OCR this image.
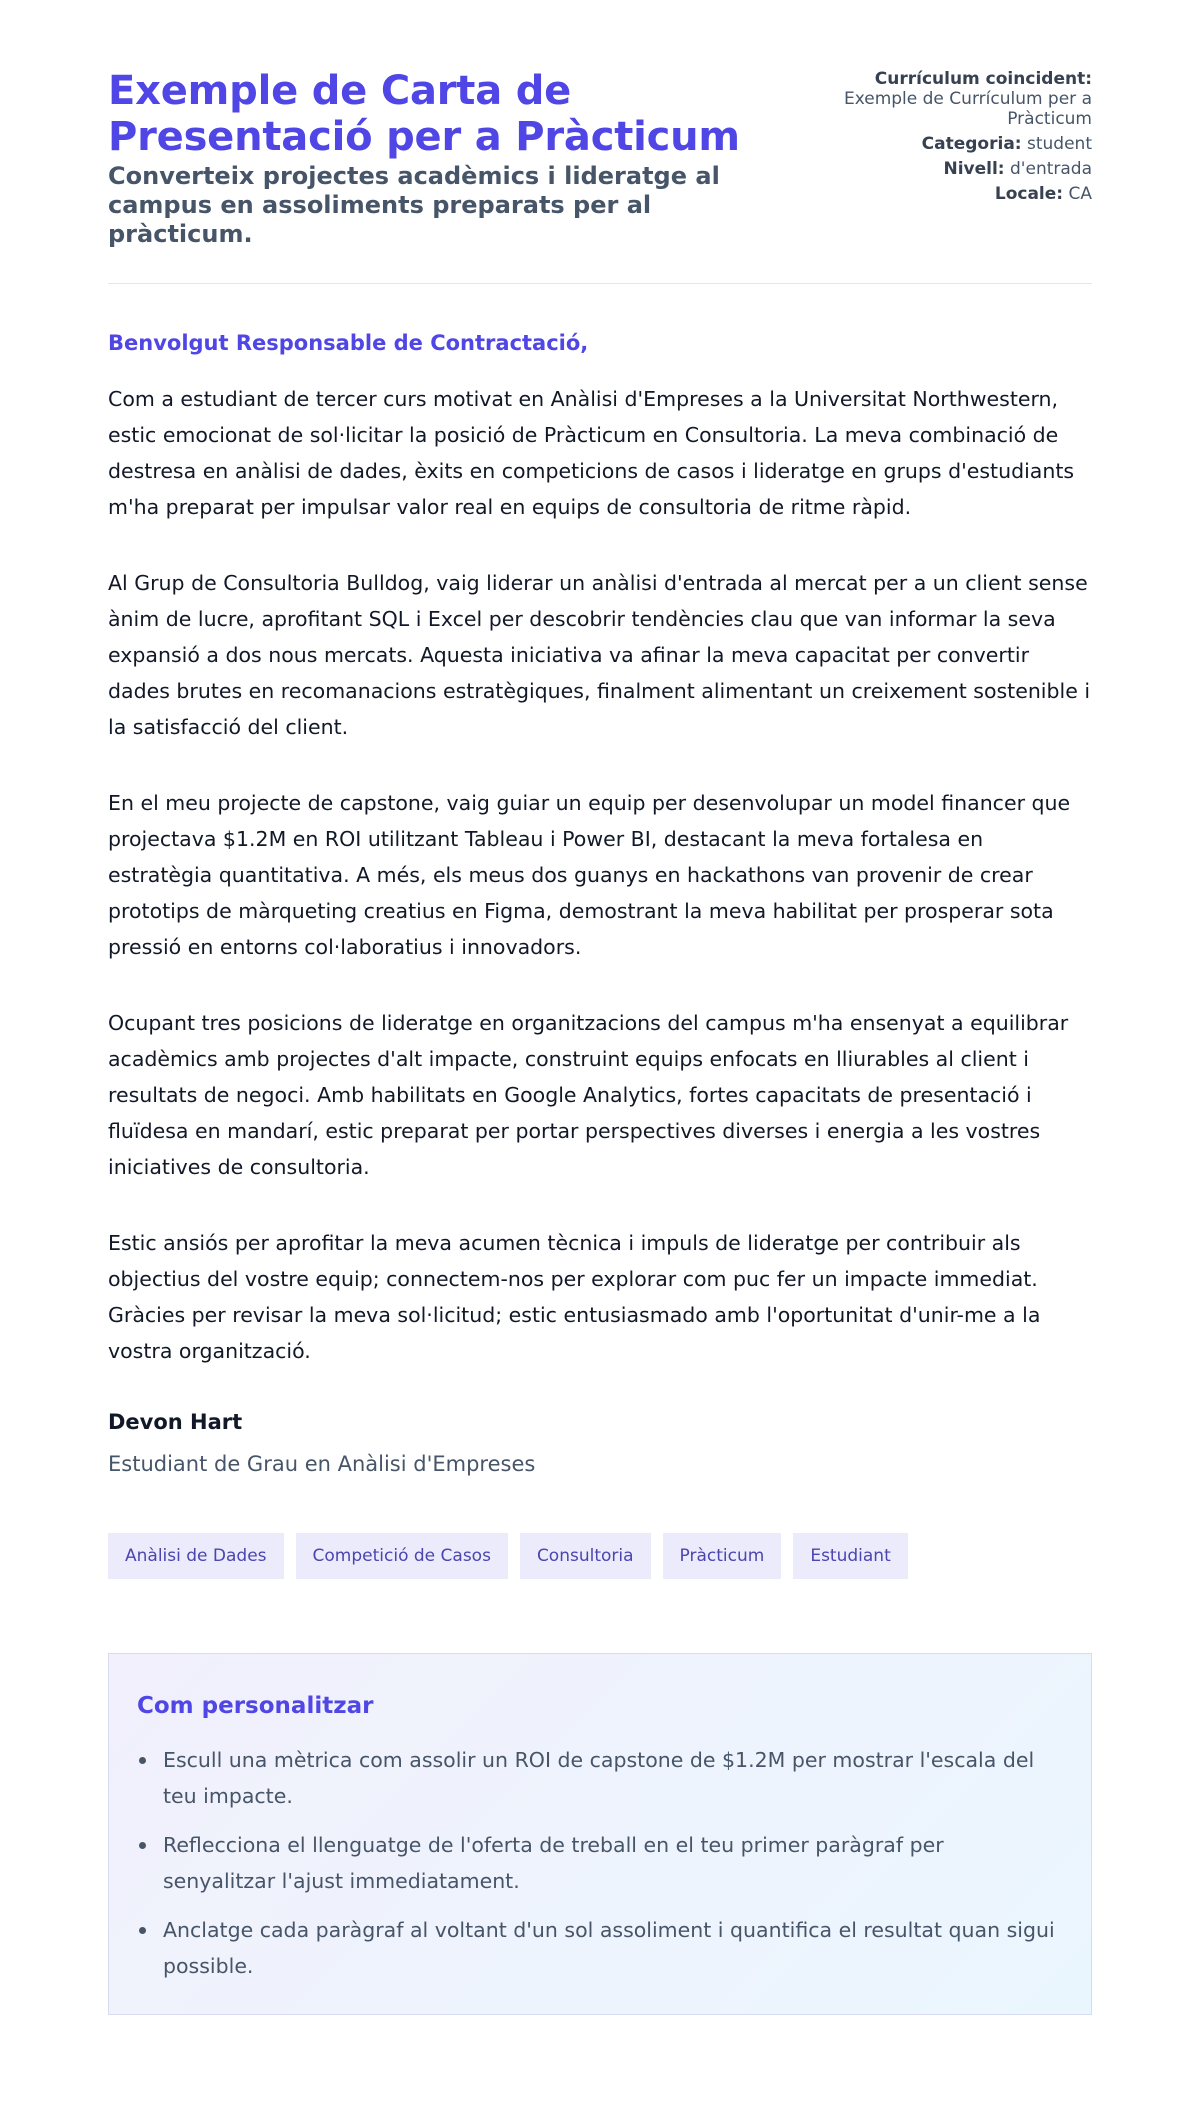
Exemple de Carta de Presentació per a Pràcticum
Converteix projectes acadèmics i lideratge al campus en assoliments preparats per al pràcticum.
Currículum coincident:
Exemple de Currículum per a Pràcticum
Categoria: student
Nivell: d'entrada
Locale: CA

Benvolgut Responsable de Contractació,

Com a estudiant de tercer curs motivat en Anàlisi d'Empreses a la Universitat Northwestern, estic emocionat de sol·licitar la posició de Pràcticum en Consultoria. La meva combinació de destresa en anàlisi de dades, èxits en competicions de casos i lideratge en grups d'estudiants m'ha preparat per impulsar valor real en equips de consultoria de ritme ràpid.

Al Grup de Consultoria Bulldog, vaig liderar un anàlisi d'entrada al mercat per a un client sense ànim de lucre, aprofitant SQL i Excel per descobrir tendències clau que van informar la seva expansió a dos nous mercats. Aquesta iniciativa va afinar la meva capacitat per convertir dades brutes en recomanacions estratègiques, finalment alimentant un creixement sostenible i la satisfacció del client.

En el meu projecte de capstone, vaig guiar un equip per desenvolupar un model financer que projectava $1.2M en ROI utilitzant Tableau i Power BI, destacant la meva fortalesa en estratègia quantitativa. A més, els meus dos guanys en hackathons van provenir de crear prototips de màrqueting creatius en Figma, demostrant la meva habilitat per prosperar sota pressió en entorns col·laboratius i innovadors.

Ocupant tres posicions de lideratge en organitzacions del campus m'ha ensenyat a equilibrar acadèmics amb projectes d'alt impacte, construint equips enfocats en lliurables al client i resultats de negoci. Amb habilitats en Google Analytics, fortes capacitats de presentació i fluïdesa en mandarí, estic preparat per portar perspectives diverses i energia a les vostres iniciatives de consultoria.

Estic ansiós per aprofitar la meva acumen tècnica i impuls de lideratge per contribuir als objectius del vostre equip; connectem-nos per explorar com puc fer un impacte immediat. Gràcies per revisar la meva sol·licitud; estic entusiasmado amb l'oportunitat d'unir-me a la vostra organització.

Devon Hart
Estudiant de Grau en Anàlisi d'Empreses
Anàlisi de Dades	Competició de Casos	Consultoria	Pràcticum	Estudiant
Com personalitzar
Escull una mètrica com assolir un ROI de capstone de $1.2M per mostrar l'escala del teu impacte.
Reflecciona el llenguatge de l'oferta de treball en el teu primer paràgraf per senyalitzar l'ajust immediatament.
Anclatge cada paràgraf al voltant d'un sol assoliment i quantifica el resultat quan sigui possible.
